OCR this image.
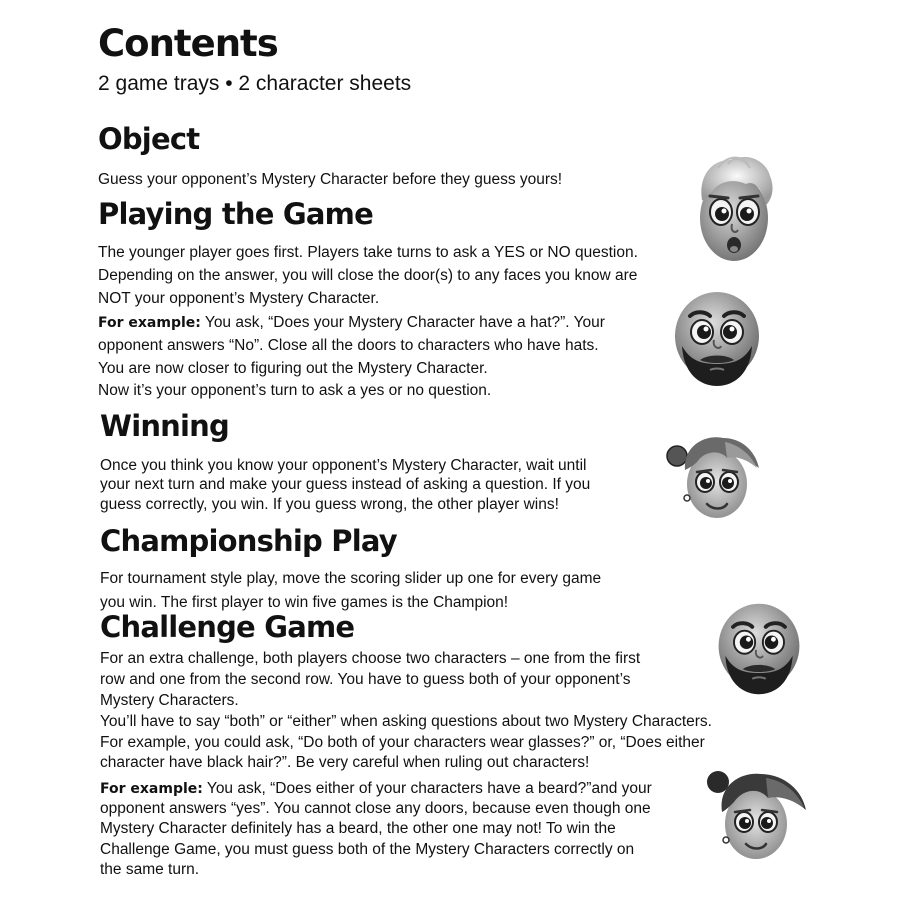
Contents
2 game trays • 2 character sheets
Object
Guess your opponent’s Mystery Character before they guess yours!
Playing the Game
The younger player goes first. Players take turns to ask a YES or NO question.
Depending on the answer, you will close the door(s) to any faces you know are
NOT your opponent’s Mystery Character.
For example: You ask, “Does your Mystery Character have a hat?”. Your
opponent answers “No”. Close all the doors to characters who have hats.
You are now closer to figuring out the Mystery Character.
Now it’s your opponent’s turn to ask a yes or no question.
Winning
Once you think you know your opponent’s Mystery Character, wait until
your next turn and make your guess instead of asking a question. If you
guess correctly, you win. If you guess wrong, the other player wins!
Championship Play
For tournament style play, move the scoring slider up one for every game
you win. The first player to win five games is the Champion!
Challenge Game
For an extra challenge, both players choose two characters – one from the first
row and one from the second row. You have to guess both of your opponent’s
Mystery Characters.
You’ll have to say “both” or “either” when asking questions about two Mystery Characters.
For example, you could ask, “Do both of your characters wear glasses?” or, “Does either
character have black hair?”. Be very careful when ruling out characters!
For example: You ask, “Does either of your characters have a beard?”and your
opponent answers “yes”. You cannot close any doors, because even though one
Mystery Character definitely has a beard, the other one may not! To win the
Challenge Game, you must guess both of the Mystery Characters correctly on
the same turn.
